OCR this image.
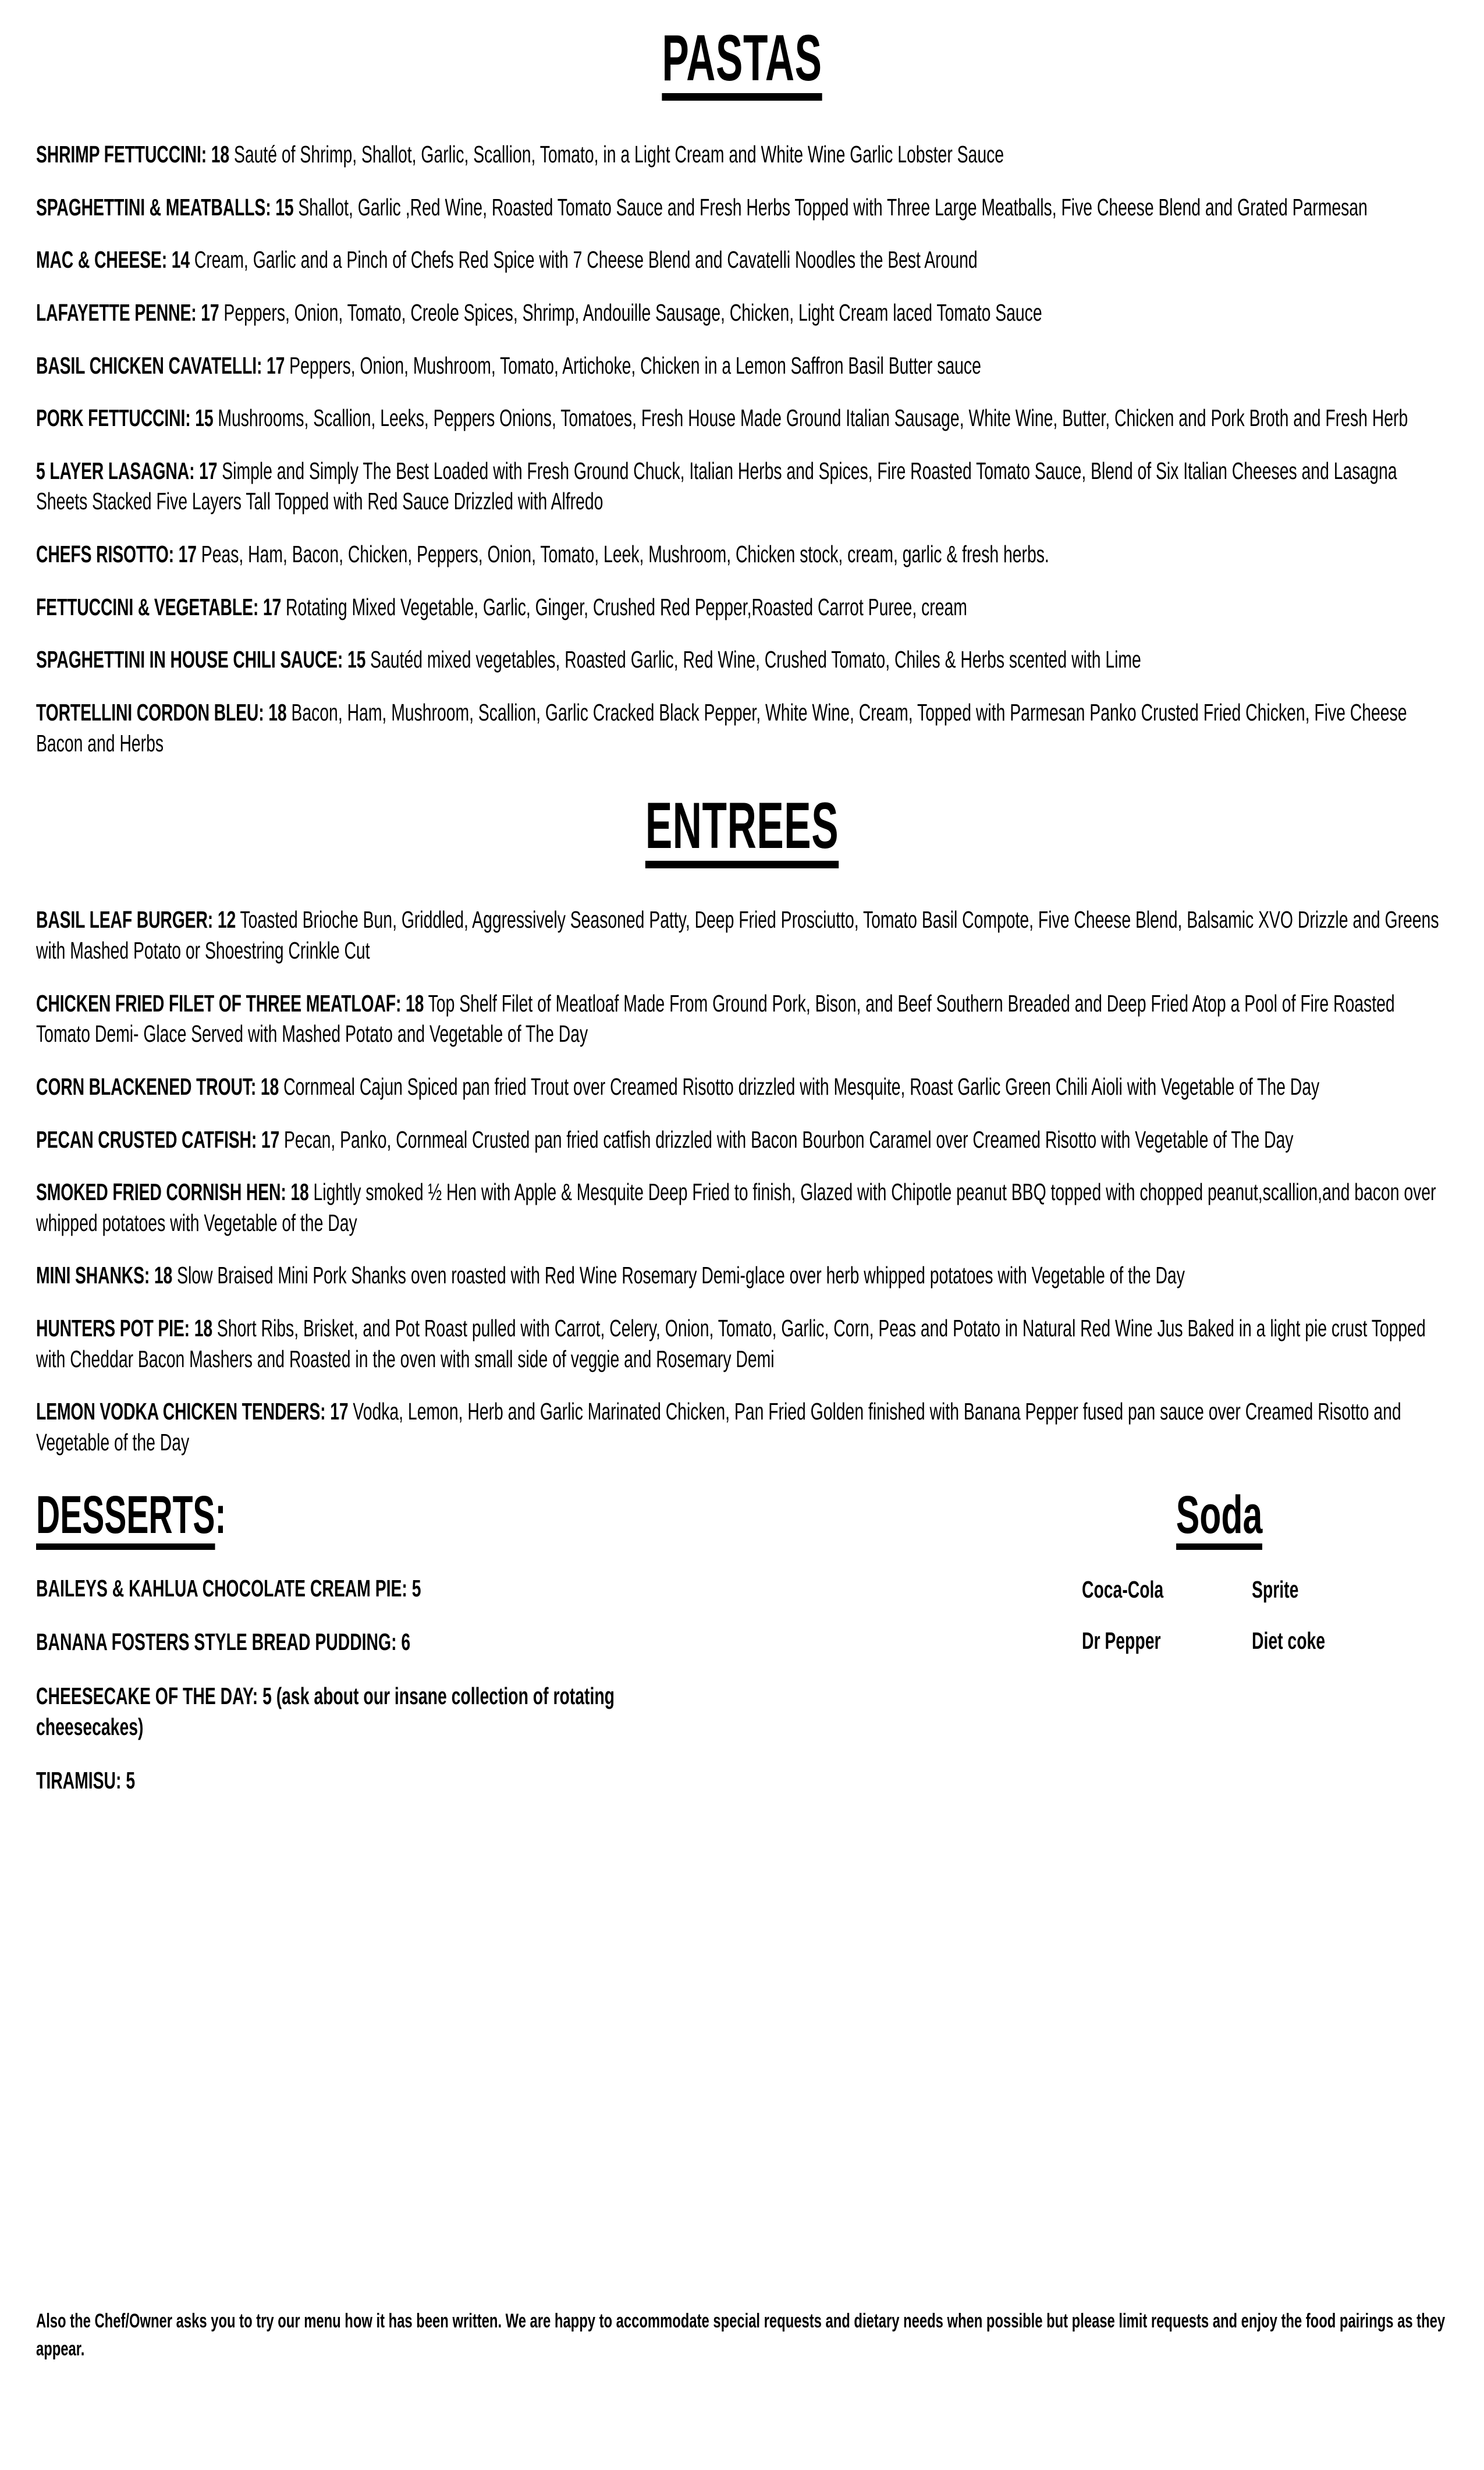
PASTAS
SHRIMP FETTUCCINI: 18 Sauté of Shrimp, Shallot, Garlic, Scallion, Tomato, in a Light Cream and White Wine Garlic Lobster Sauce
SPAGHETTINI & MEATBALLS: 15 Shallot, Garlic ,Red Wine, Roasted Tomato Sauce and Fresh Herbs Topped with Three Large Meatballs, Five Cheese Blend and Grated Parmesan
MAC & CHEESE: 14 Cream, Garlic and a Pinch of Chefs Red Spice with 7 Cheese Blend and Cavatelli Noodles the Best Around
LAFAYETTE PENNE: 17 Peppers, Onion, Tomato, Creole Spices, Shrimp, Andouille Sausage, Chicken, Light Cream laced Tomato Sauce
BASIL CHICKEN CAVATELLI: 17 Peppers, Onion, Mushroom, Tomato, Artichoke, Chicken in a Lemon Saffron Basil Butter sauce
PORK FETTUCCINI: 15 Mushrooms, Scallion, Leeks, Peppers Onions, Tomatoes, Fresh House Made Ground Italian Sausage, White Wine, Butter, Chicken and Pork Broth and Fresh Herb
5 LAYER LASAGNA: 17 Simple and Simply The Best Loaded with Fresh Ground Chuck, Italian Herbs and Spices, Fire Roasted Tomato Sauce, Blend of Six Italian Cheeses and Lasagna Sheets Stacked Five Layers Tall Topped with Red Sauce Drizzled with Alfredo
CHEFS RISOTTO: 17 Peas, Ham, Bacon, Chicken, Peppers, Onion, Tomato, Leek, Mushroom, Chicken stock, cream, garlic & fresh herbs.
FETTUCCINI & VEGETABLE: 17 Rotating Mixed Vegetable, Garlic, Ginger, Crushed Red Pepper,Roasted Carrot Puree, cream
SPAGHETTINI IN HOUSE CHILI SAUCE: 15 Sautéd mixed vegetables, Roasted Garlic, Red Wine, Crushed Tomato, Chiles & Herbs scented with Lime
TORTELLINI CORDON BLEU: 18 Bacon, Ham, Mushroom, Scallion, Garlic Cracked Black Pepper, White Wine, Cream, Topped with Parmesan Panko Crusted Fried Chicken, Five Cheese Bacon and Herbs
ENTREES
BASIL LEAF BURGER: 12 Toasted Brioche Bun, Griddled, Aggressively Seasoned Patty, Deep Fried Prosciutto, Tomato Basil Compote, Five Cheese Blend, Balsamic XVO Drizzle and Greens with Mashed Potato or Shoestring Crinkle Cut
CHICKEN FRIED FILET OF THREE MEATLOAF: 18 Top Shelf Filet of Meatloaf Made From Ground Pork, Bison, and Beef Southern Breaded and Deep Fried Atop a Pool of Fire Roasted Tomato Demi- Glace Served with Mashed Potato and Vegetable of The Day
CORN BLACKENED TROUT: 18 Cornmeal Cajun Spiced pan fried Trout over Creamed Risotto drizzled with Mesquite, Roast Garlic Green Chili Aioli with Vegetable of The Day
PECAN CRUSTED CATFISH: 17 Pecan, Panko, Cornmeal Crusted pan fried catfish drizzled with Bacon Bourbon Caramel over Creamed Risotto with Vegetable of The Day
SMOKED FRIED CORNISH HEN: 18 Lightly smoked ½ Hen with Apple & Mesquite Deep Fried to finish, Glazed with Chipotle peanut BBQ topped with chopped peanut,scallion,and bacon over whipped potatoes with Vegetable of the Day
MINI SHANKS: 18 Slow Braised Mini Pork Shanks oven roasted with Red Wine Rosemary Demi-glace over herb whipped potatoes with Vegetable of the Day
HUNTERS POT PIE: 18 Short Ribs, Brisket, and Pot Roast pulled with Carrot, Celery, Onion, Tomato, Garlic, Corn, Peas and Potato in Natural Red Wine Jus Baked in a light pie crust Topped with Cheddar Bacon Mashers and Roasted in the oven with small side of veggie and Rosemary Demi
LEMON VODKA CHICKEN TENDERS: 17 Vodka, Lemon, Herb and Garlic Marinated Chicken, Pan Fried Golden finished with Banana Pepper fused pan sauce over Creamed Risotto and Vegetable of the Day
DESSERTS:
BAILEYS & KAHLUA CHOCOLATE CREAM PIE: 5
BANANA FOSTERS STYLE BREAD PUDDING: 6
CHEESECAKE OF THE DAY: 5 (ask about our insane collection of rotating cheesecakes)
TIRAMISU: 5
Soda
Coca-Cola	Sprite
Dr Pepper	Diet coke
Also the Chef/Owner asks you to try our menu how it has been written. We are happy to accommodate special requests and dietary needs when possible but please limit requests and enjoy the food pairings as they appear.
